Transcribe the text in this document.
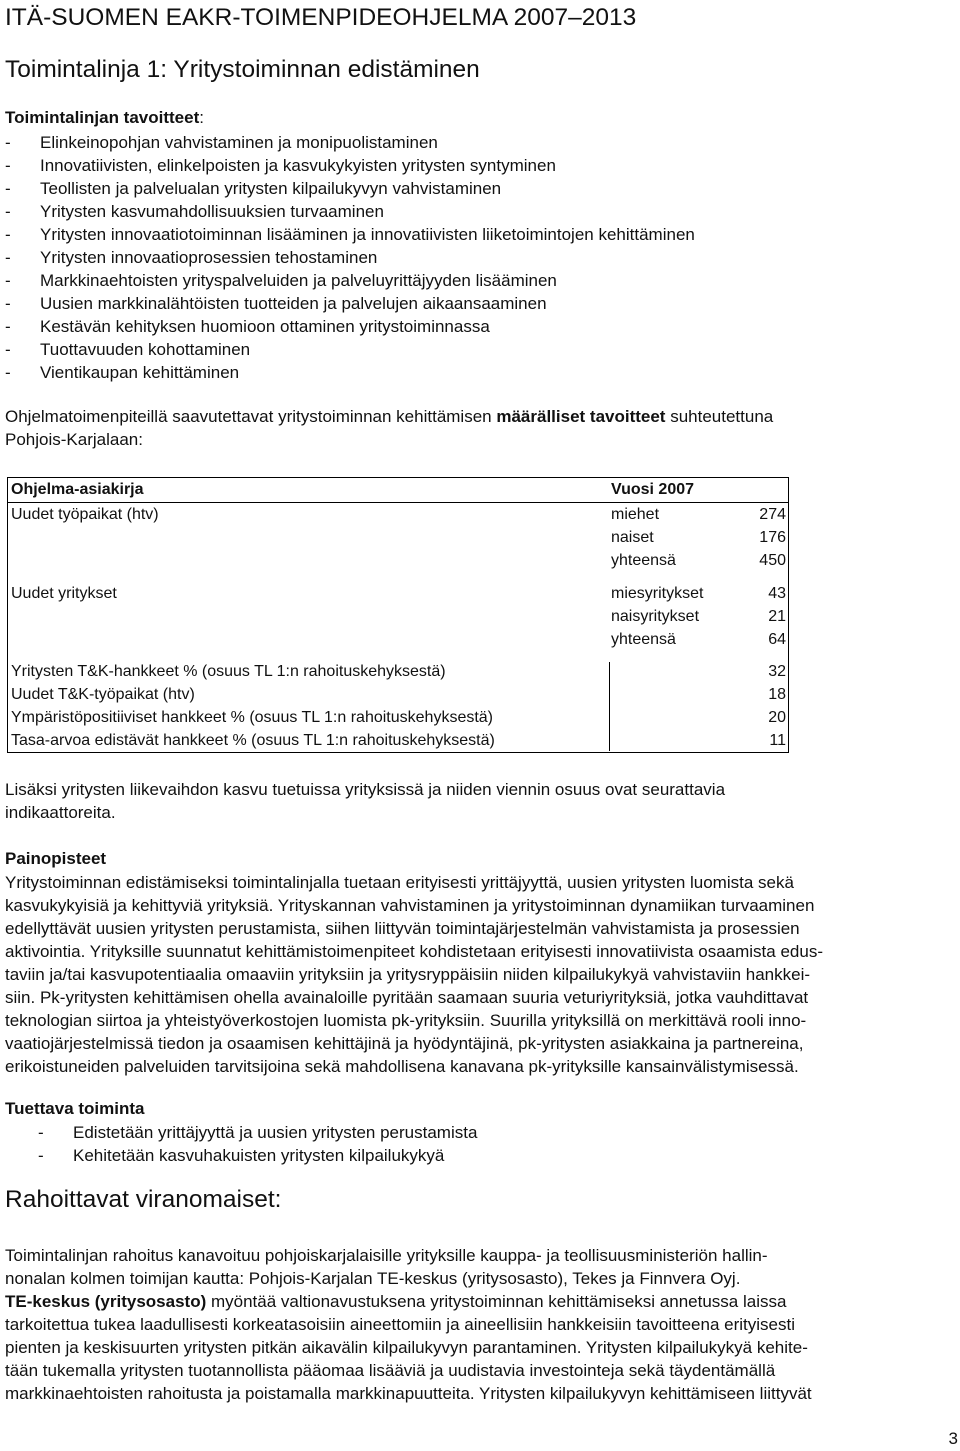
ITÄ-SUOMEN EAKR-TOIMENPIDEOHJELMA 2007–2013
Toimintalinja 1: Yritystoiminnan edistäminen
Toimintalinjan tavoitteet:
- Elinkeinopohjan vahvistaminen ja monipuolistaminen
- Innovatiivisten, elinkelpoisten ja kasvukykyisten yritysten syntyminen
- Teollisten ja palvelualan yritysten kilpailukyvyn vahvistaminen
- Yritysten kasvumahdollisuuksien turvaaminen
- Yritysten innovaatiotoiminnan lisääminen ja innovatiivisten liiketoimintojen kehittäminen
- Yritysten innovaatioprosessien tehostaminen
- Markkinaehtoisten yrityspalveluiden ja palveluyrittäjyyden lisääminen
- Uusien markkinalähtöisten tuotteiden ja palvelujen aikaansaaminen
- Kestävän kehityksen huomioon ottaminen yritystoiminnassa
- Tuottavuuden kohottaminen
- Vientikaupan kehittäminen
Ohjelmatoimenpiteillä saavutettavat yritystoiminnan kehittämisen määrälliset tavoitteet suhteutettuna
Pohjois-Karjalaan:
Ohjelma-asiakirja	Vuosi 2007
Uudet työpaikat (htv)	miehet	274
naiset	176
yhteensä	450
Uudet yritykset	miesyritykset	43
naisyritykset	21
yhteensä	64
Yritysten T&K-hankkeet % (osuus TL 1:n rahoituskehyksestä)	32
Uudet T&K-työpaikat (htv)	18
Ympäristöpositiiviset hankkeet % (osuus TL 1:n rahoituskehyksestä)	20
Tasa-arvoa edistävät hankkeet % (osuus TL 1:n rahoituskehyksestä)	11
Lisäksi yritysten liikevaihdon kasvu tuetuissa yrityksissä ja niiden viennin osuus ovat seurattavia
indikaattoreita.
Painopisteet
Yritystoiminnan edistämiseksi toimintalinjalla tuetaan erityisesti yrittäjyyttä, uusien yritysten luomista sekä
kasvukykyisiä ja kehittyviä yrityksiä. Yrityskannan vahvistaminen ja yritystoiminnan dynamiikan turvaaminen
edellyttävät uusien yritysten perustamista, siihen liittyvän toimintajärjestelmän vahvistamista ja prosessien
aktivointia. Yrityksille suunnatut kehittämistoimenpiteet kohdistetaan erityisesti innovatiivista osaamista edus-
taviin ja/tai kasvupotentiaalia omaaviin yrityksiin ja yritysryppäisiin niiden kilpailukykyä vahvistaviin hankkei-
siin. Pk-yritysten kehittämisen ohella avainaloille pyritään saamaan suuria veturiyrityksiä, jotka vauhdittavat
teknologian siirtoa ja yhteistyöverkostojen luomista pk-yrityksiin. Suurilla yrityksillä on merkittävä rooli inno-
vaatiojärjestelmissä tiedon ja osaamisen kehittäjinä ja hyödyntäjinä, pk-yritysten asiakkaina ja partnereina,
erikoistuneiden palveluiden tarvitsijoina sekä mahdollisena kanavana pk-yrityksille kansainvälistymisessä.
Tuettava toiminta
- Edistetään yrittäjyyttä ja uusien yritysten perustamista
- Kehitetään kasvuhakuisten yritysten kilpailukykyä
Rahoittavat viranomaiset:
Toimintalinjan rahoitus kanavoituu pohjoiskarjalaisille yrityksille kauppa- ja teollisuusministeriön hallin-
nonalan kolmen toimijan kautta: Pohjois-Karjalan TE-keskus (yritysosasto), Tekes ja Finnvera Oyj.
TE-keskus (yritysosasto) myöntää valtionavustuksena yritystoiminnan kehittämiseksi annetussa laissa
tarkoitettua tukea laadullisesti korkeatasoisiin aineettomiin ja aineellisiin hankkeisiin tavoitteena erityisesti
pienten ja keskisuurten yritysten pitkän aikavälin kilpailukyvyn parantaminen. Yritysten kilpailukykyä kehite-
tään tukemalla yritysten tuotannollista pääomaa lisääviä ja uudistavia investointeja sekä täydentämällä
markkinaehtoisten rahoitusta ja poistamalla markkinapuutteita. Yritysten kilpailukyvyn kehittämiseen liittyvät
3
